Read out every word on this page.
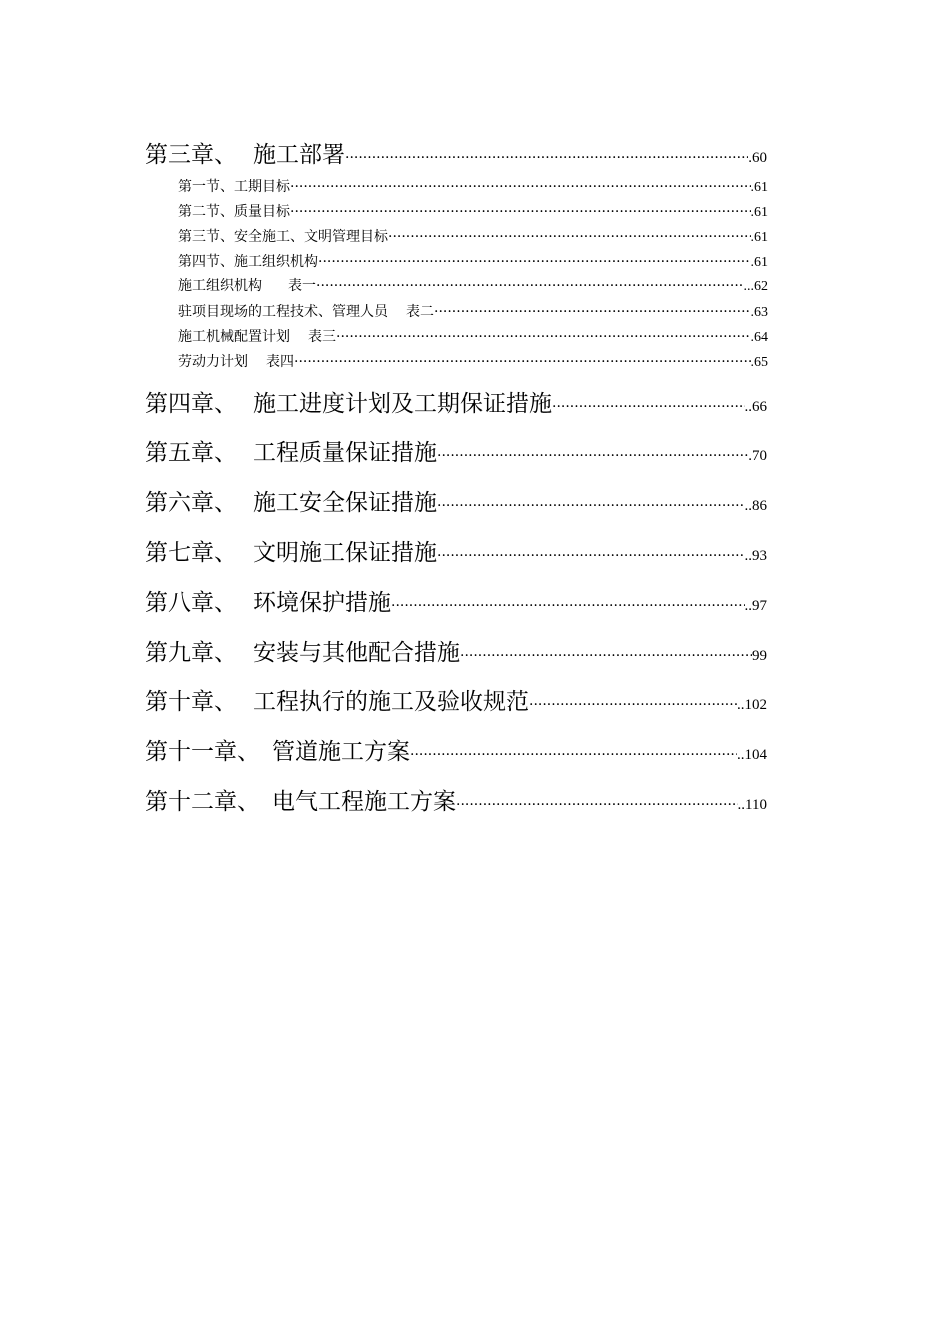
第三章、 施工部署 ·····	.60
第一节、工期目标 ·····	.61
第二节、质量目标 ·····	.61
第三节、安全施工、文明管理目标 ·····	.61
第四节、施工组织机构 ·····	.61
施工组织机构 表一 ·····	...62
驻项目现场的工程技术、管理人员 表二 ·····	.63
施工机械配置计划 表三 ·····	.64
劳动力计划 表四 ·····	.65
第四章、 施工进度计划及工期保证措施 ·····	..66
第五章、 工程质量保证措施 ·····	.70
第六章、 施工安全保证措施 ·····	..86
第七章、 文明施工保证措施 ·····	..93
第八章、 环境保护措施 ·····	..97
第九章、 安装与其他配合措施 ·····	99
第十章、 工程执行的施工及验收规范 ·····	..102
第十一章、 管道施工方案 ·····	..104
第十二章、 电气工程施工方案 ·····	..110
